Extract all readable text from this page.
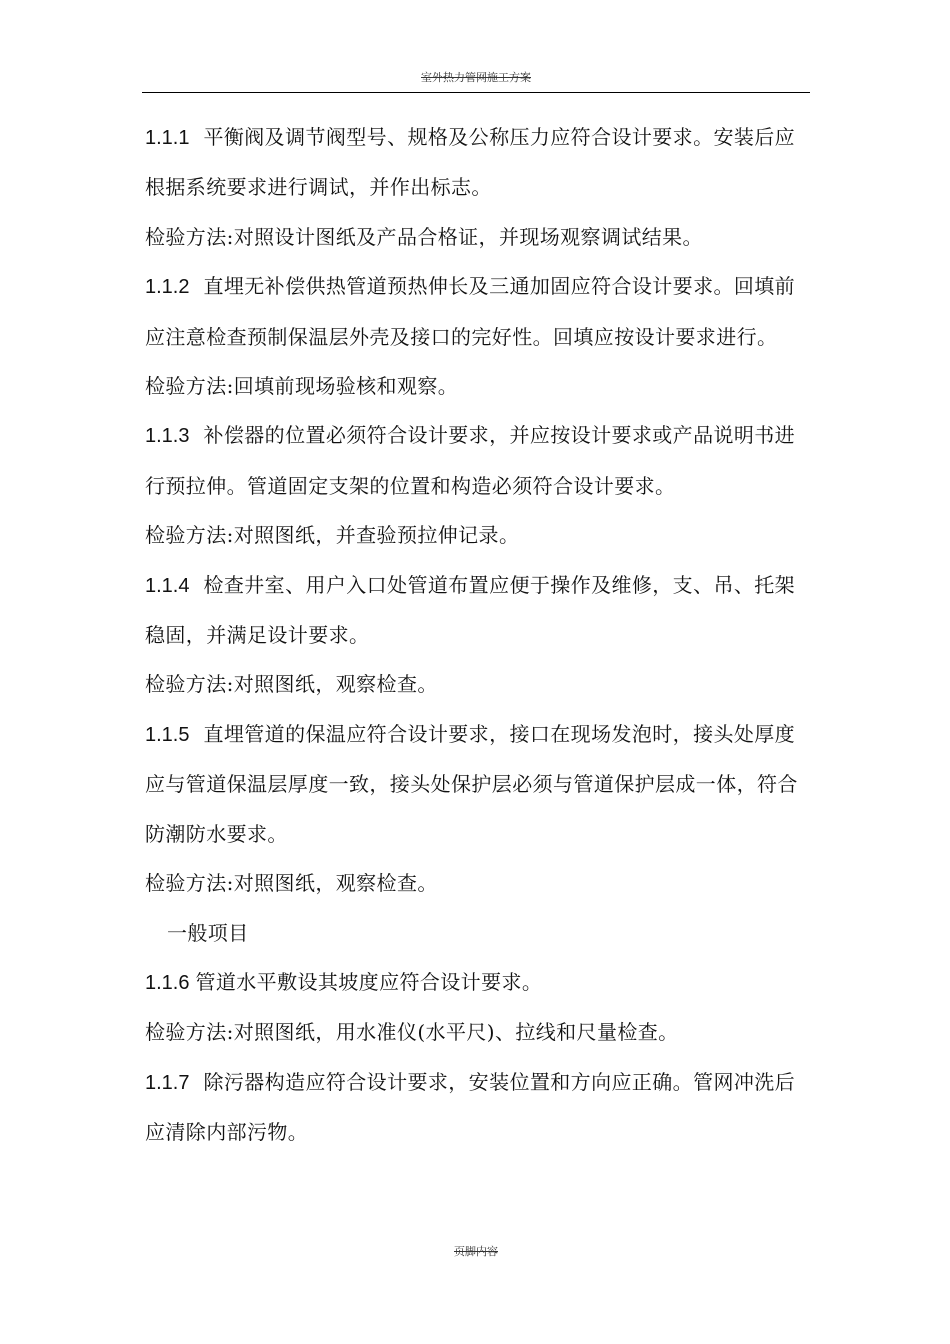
室外热力管网施工方案

1.1.1 平衡阀及调节阀型号、规格及公称压力应符合设计要求。安装后应根据系统要求进行调试，并作出标志。

检验方法:对照设计图纸及产品合格证，并现场观察调试结果。

1.1.2 直埋无补偿供热管道预热伸长及三通加固应符合设计要求。回填前应注意检查预制保温层外壳及接口的完好性。回填应按设计要求进行。

检验方法:回填前现场验核和观察。

1.1.3 补偿器的位置必须符合设计要求，并应按设计要求或产品说明书进行预拉伸。管道固定支架的位置和构造必须符合设计要求。

检验方法:对照图纸，并查验预拉伸记录。

1.1.4 检查井室、用户入口处管道布置应便于操作及维修，支、吊、托架稳固，并满足设计要求。

检验方法:对照图纸，观察检查。

1.1.5 直埋管道的保温应符合设计要求，接口在现场发泡时，接头处厚度应与管道保温层厚度一致，接头处保护层必须与管道保护层成一体，符合防潮防水要求。

检验方法:对照图纸，观察检查。

一般项目

1.1.6 管道水平敷设其坡度应符合设计要求。

检验方法:对照图纸，用水准仪(水平尺)、拉线和尺量检查。

1.1.7 除污器构造应符合设计要求，安装位置和方向应正确。管网冲洗后应清除内部污物。

页脚内容
